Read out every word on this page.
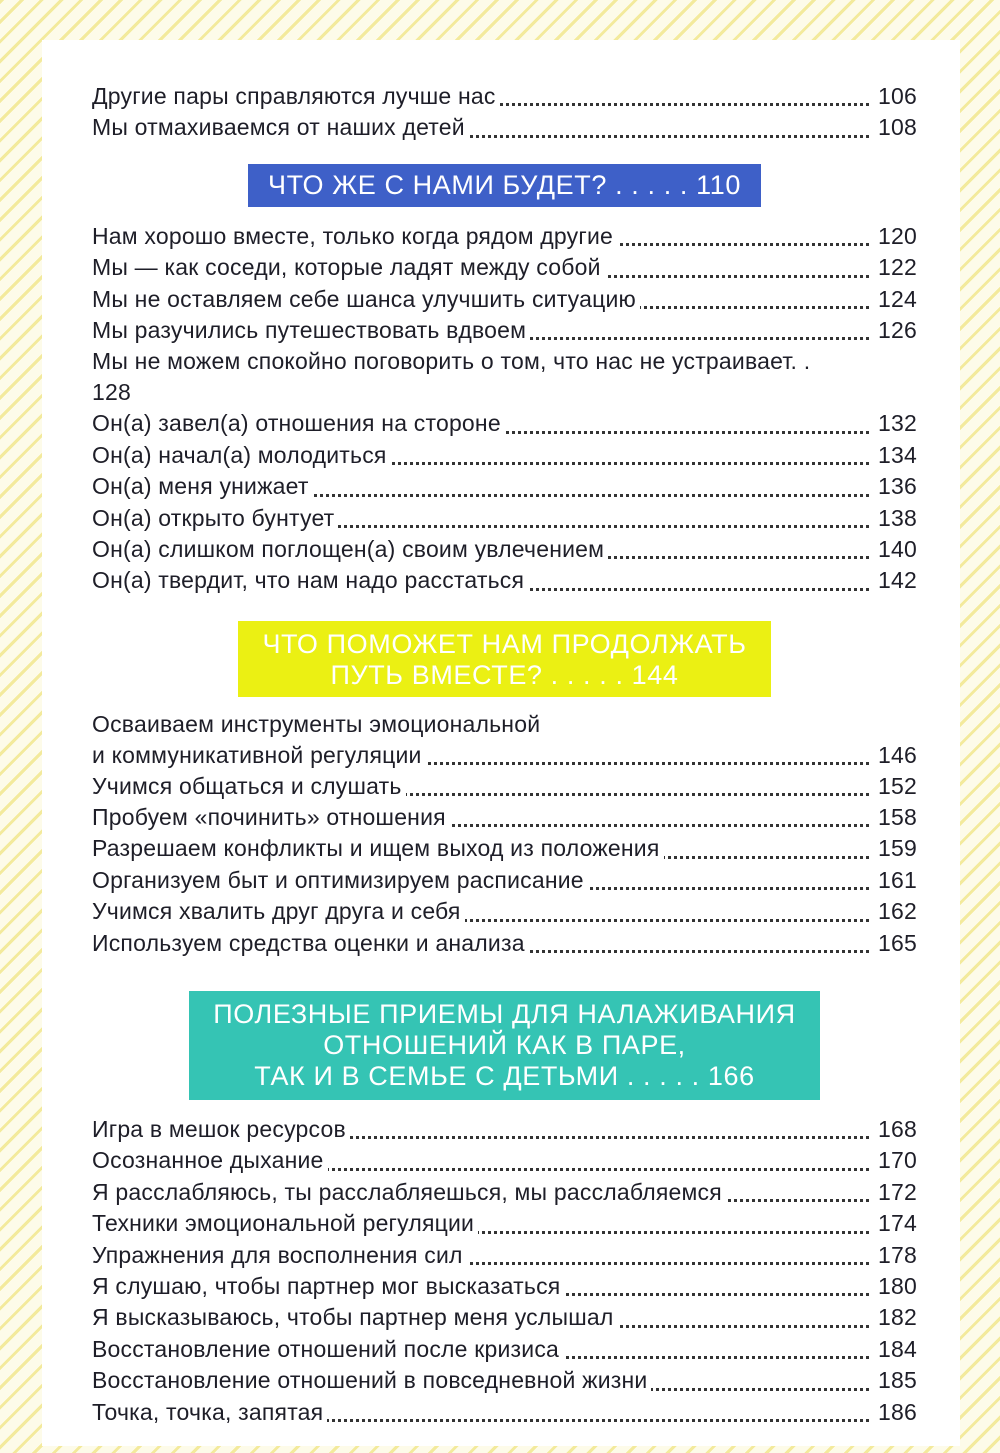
Другие пары справляются лучше нас	106
Мы отмахиваемся от наших детей	108
ЧТО ЖЕ С НАМИ БУДЕТ? . . . . . 110
Нам хорошо вместе, только когда рядом другие	120
Мы — как соседи, которые ладят между собой	122
Мы не оставляем себе шанса улучшить ситуацию	124
Мы разучились путешествовать вдвоем	126
Мы не можем спокойно поговорить о том, что нас не устраивает. .
128
Он(а) завел(а) отношения на стороне	132
Он(а) начал(а) молодиться	134
Он(а) меня унижает	136
Он(а) открыто бунтует	138
Он(а) слишком поглощен(а) своим увлечением	140
Он(а) твердит, что нам надо расстаться	142
ЧТО ПОМОЖЕТ НАМ ПРОДОЛЖАТЬ
ПУТЬ ВМЕСТЕ? . . . . . 144
Осваиваем инструменты эмоциональной
и коммуникативной регуляции	146
Учимся общаться и слушать	152
Пробуем «починить» отношения	158
Разрешаем конфликты и ищем выход из положения	159
Организуем быт и оптимизируем расписание	161
Учимся хвалить друг друга и себя	162
Используем средства оценки и анализа	165
ПОЛЕЗНЫЕ ПРИЕМЫ ДЛЯ НАЛАЖИВАНИЯ
ОТНОШЕНИЙ КАК В ПАРЕ,
ТАК И В СЕМЬЕ С ДЕТЬМИ . . . . . 166
Игра в мешок ресурсов	168
Осознанное дыхание	170
Я расслабляюсь, ты расслабляешься, мы расслабляемся	172
Техники эмоциональной регуляции	174
Упражнения для восполнения сил	178
Я слушаю, чтобы партнер мог высказаться	180
Я высказываюсь, чтобы партнер меня услышал	182
Восстановление отношений после кризиса	184
Восстановление отношений в повседневной жизни	185
Точка, точка, запятая	186
